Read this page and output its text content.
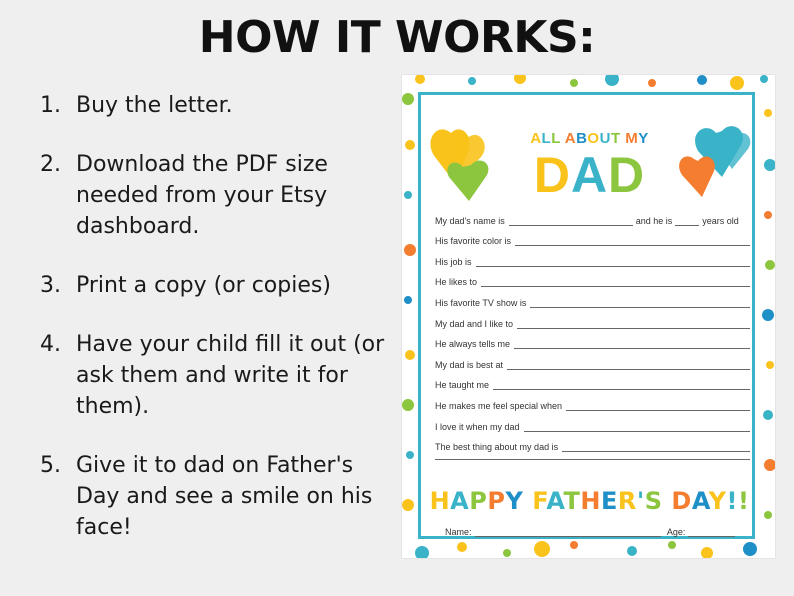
HOW IT WORKS:
1. Buy the letter.
2. Download the PDF size needed from your Etsy dashboard.
3. Print a copy (or copies)
4. Have your child fill it out (or ask them and write it for them).
5. Give it to dad on Father's Day and see a smile on his face!
ALL ABOUT MY
DAD
My dad's name is	and he is	years old
His favorite color is
His job is
He likes to
His favorite TV show is
My dad and I like to
He always tells me
My dad is best at
He taught me
He makes me feel special when
I love it when my dad
The best thing about my dad is
HAPPY FATHER'S DAY!!
Name:	Age:
